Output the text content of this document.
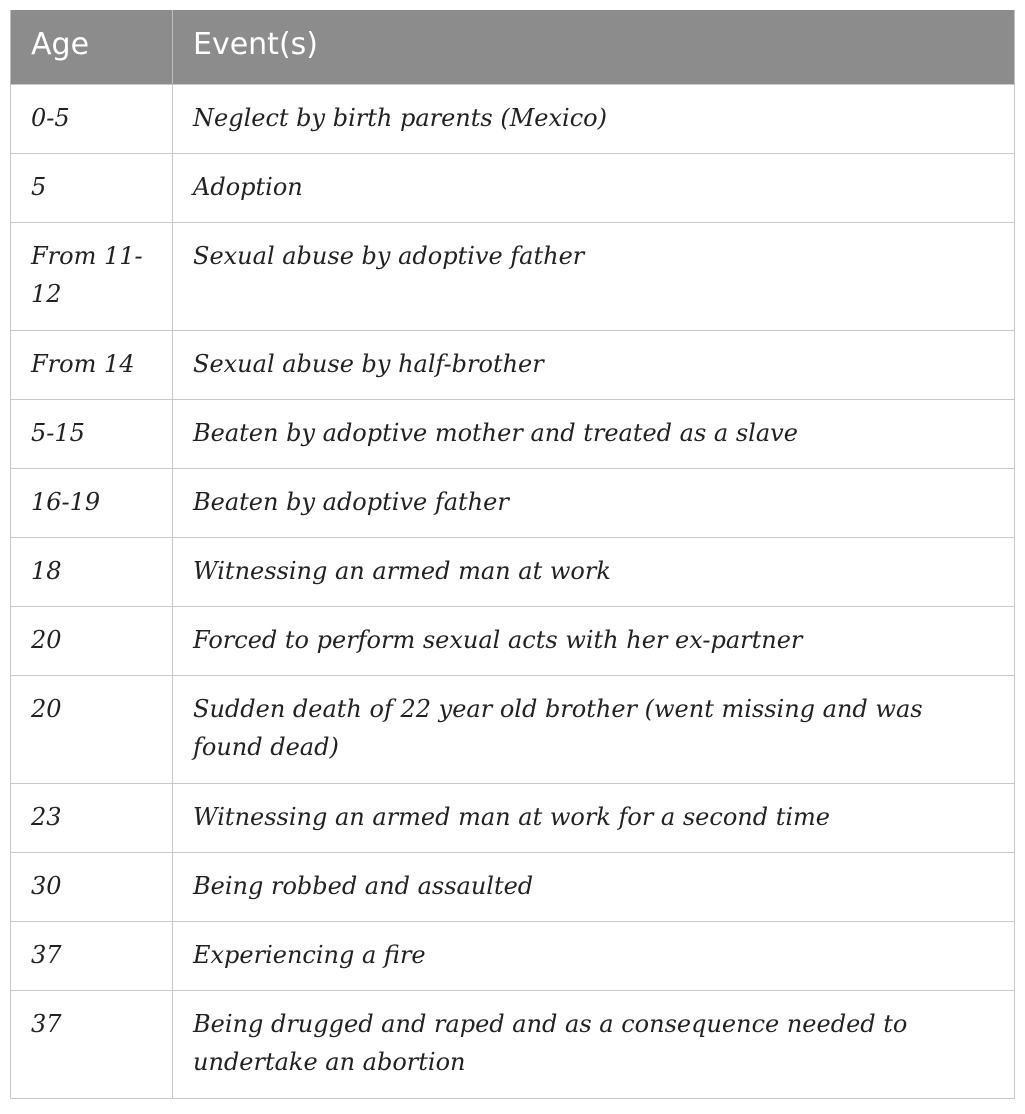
Age	Event(s)
0-5	Neglect by birth parents (Mexico)
5	Adoption
From 11-12	Sexual abuse by adoptive father
From 14	Sexual abuse by half-brother
5-15	Beaten by adoptive mother and treated as a slave
16-19	Beaten by adoptive father
18	Witnessing an armed man at work
20	Forced to perform sexual acts with her ex-partner
20	Sudden death of 22 year old brother (went missing and was found dead)
23	Witnessing an armed man at work for a second time
30	Being robbed and assaulted
37	Experiencing a fire
37	Being drugged and raped and as a consequence needed to undertake an abortion
